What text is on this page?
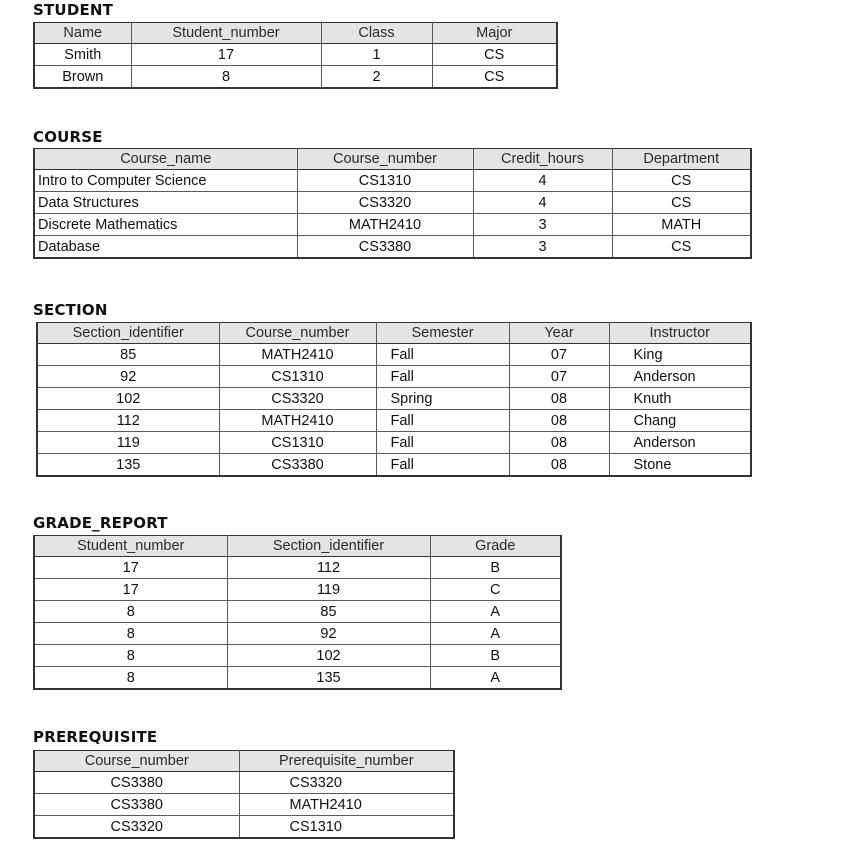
STUDENT
Name	Student_number	Class	Major
Smith	17	1	CS
Brown	8	2	CS
COURSE
Course_name	Course_number	Credit_hours	Department
Intro to Computer Science	CS1310	4	CS
Data Structures	CS3320	4	CS
Discrete Mathematics	MATH2410	3	MATH
Database	CS3380	3	CS
SECTION
Section_identifier	Course_number	Semester	Year	Instructor
85	MATH2410	Fall	07	King
92	CS1310	Fall	07	Anderson
102	CS3320	Spring	08	Knuth
112	MATH2410	Fall	08	Chang
119	CS1310	Fall	08	Anderson
135	CS3380	Fall	08	Stone
GRADE_REPORT
Student_number	Section_identifier	Grade
17	112	B
17	119	C
8	85	A
8	92	A
8	102	B
8	135	A
PREREQUISITE
Course_number	Prerequisite_number
CS3380	CS3320
CS3380	MATH2410
CS3320	CS1310
